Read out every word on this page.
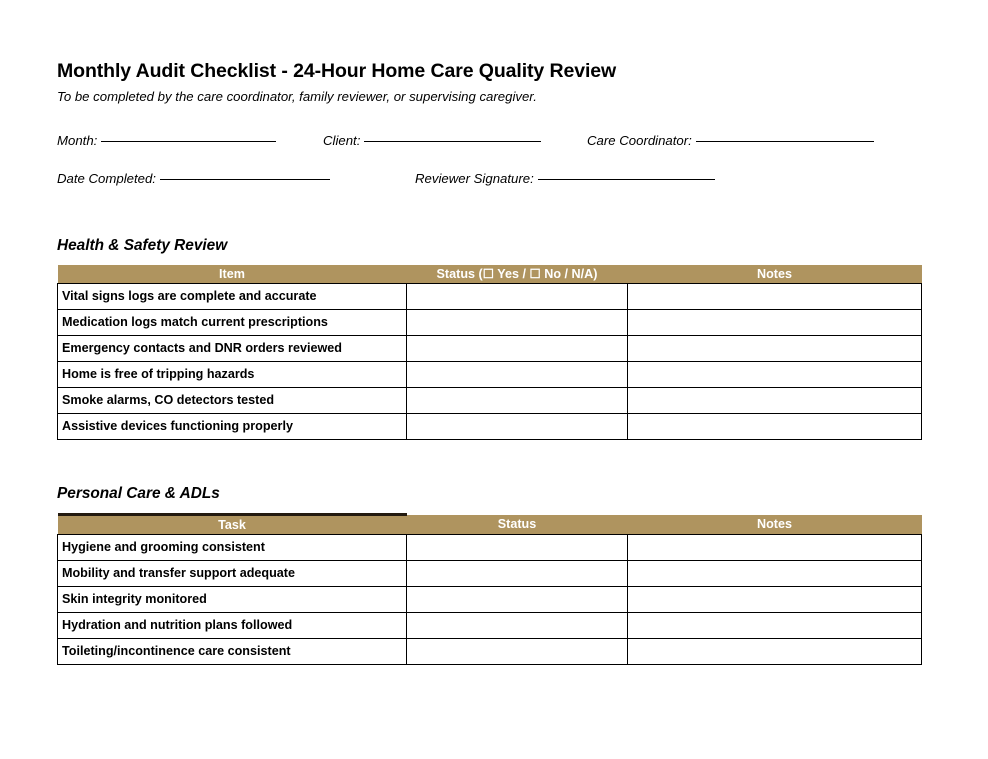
Monthly Audit Checklist - 24-Hour Home Care Quality Review

To be completed by the care coordinator, family reviewer, or supervising caregiver.

Month:	Client:	Care Coordinator:
Date Completed:	Reviewer Signature:
Health & Safety Review
Item	Status (☐ Yes / ☐ No / N/A)	Notes
Vital signs logs are complete and accurate		
Medication logs match current prescriptions		
Emergency contacts and DNR orders reviewed		
Home is free of tripping hazards		
Smoke alarms, CO detectors tested		
Assistive devices functioning properly		
Personal Care & ADLs
Task	Status	Notes
Hygiene and grooming consistent		
Mobility and transfer support adequate		
Skin integrity monitored		
Hydration and nutrition plans followed		
Toileting/incontinence care consistent		
